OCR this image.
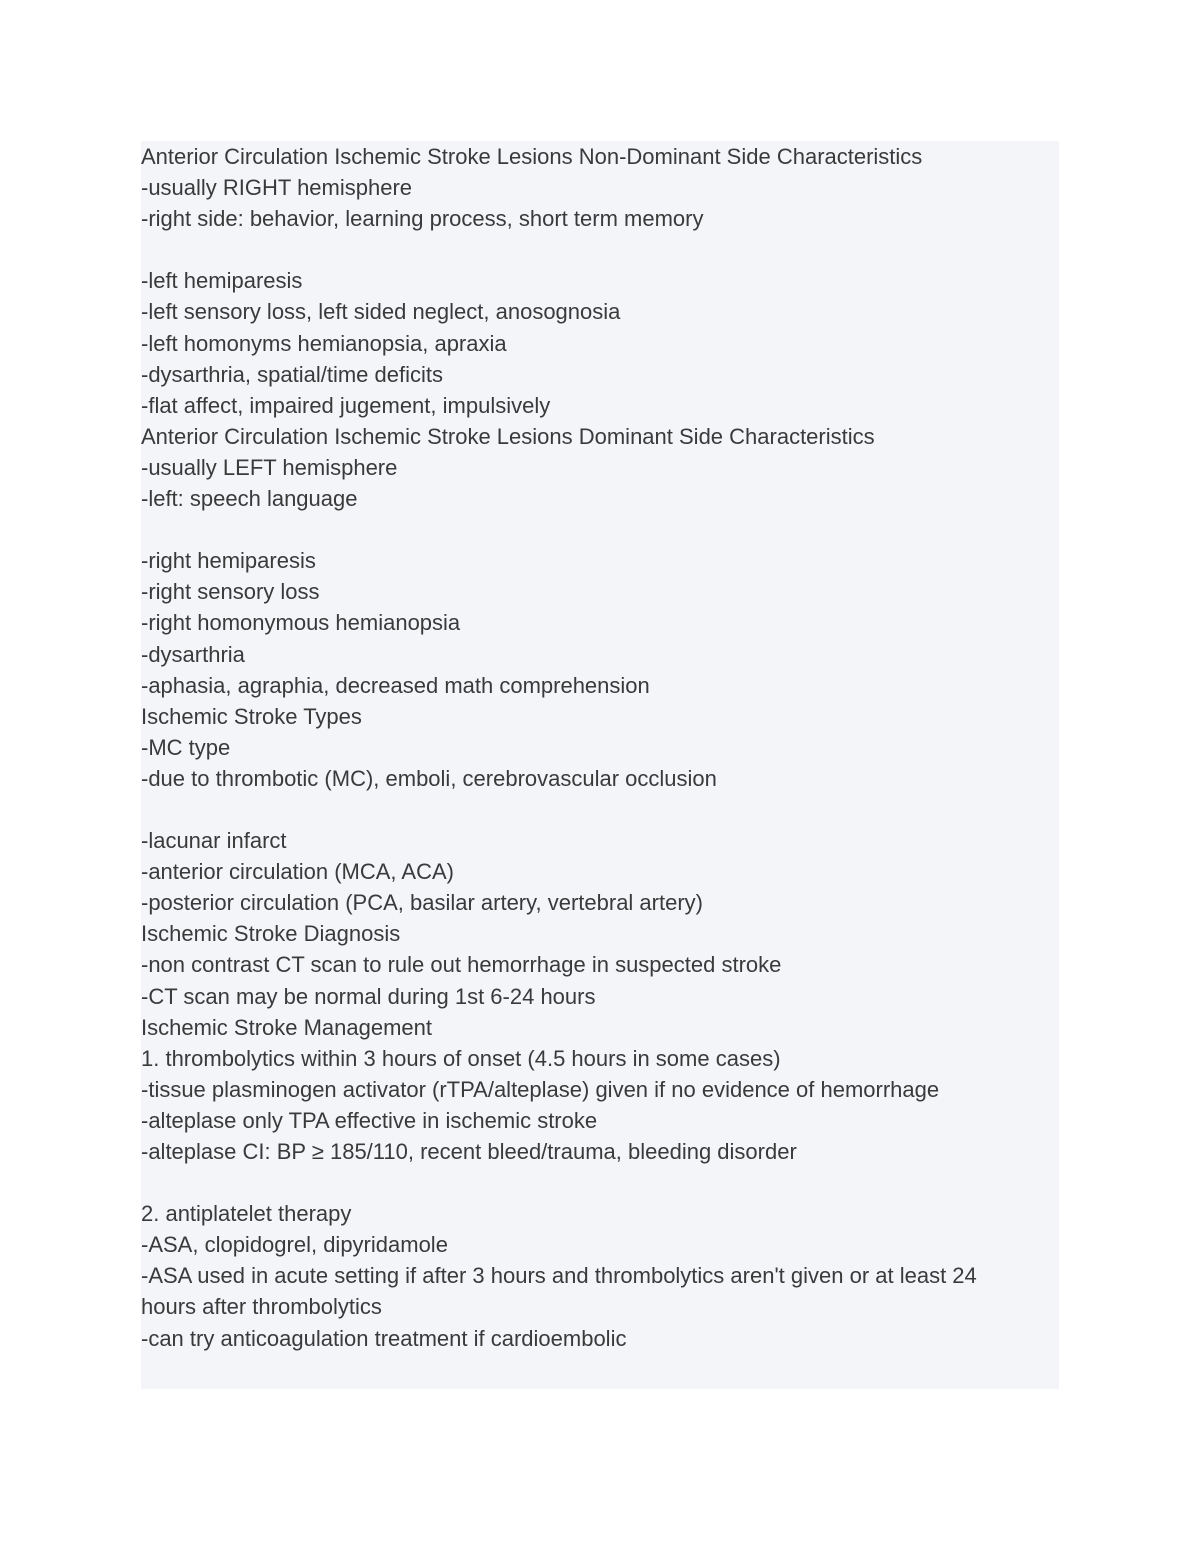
Anterior Circulation Ischemic Stroke Lesions Non-Dominant Side Characteristics
-usually RIGHT hemisphere
-right side: behavior, learning process, short term memory
-left hemiparesis
-left sensory loss, left sided neglect, anosognosia
-left homonyms hemianopsia, apraxia
-dysarthria, spatial/time deficits
-flat affect, impaired jugement, impulsively
Anterior Circulation Ischemic Stroke Lesions Dominant Side Characteristics
-usually LEFT hemisphere
-left: speech language
-right hemiparesis
-right sensory loss
-right homonymous hemianopsia
-dysarthria
-aphasia, agraphia, decreased math comprehension
Ischemic Stroke Types
-MC type
-due to thrombotic (MC), emboli, cerebrovascular occlusion
-lacunar infarct
-anterior circulation (MCA, ACA)
-posterior circulation (PCA, basilar artery, vertebral artery)
Ischemic Stroke Diagnosis
-non contrast CT scan to rule out hemorrhage in suspected stroke
-CT scan may be normal during 1st 6-24 hours
Ischemic Stroke Management
1. thrombolytics within 3 hours of onset (4.5 hours in some cases)
-tissue plasminogen activator (rTPA/alteplase) given if no evidence of hemorrhage
-alteplase only TPA effective in ischemic stroke
-alteplase CI: BP ≥ 185/110, recent bleed/trauma, bleeding disorder
2. antiplatelet therapy
-ASA, clopidogrel, dipyridamole
-ASA used in acute setting if after 3 hours and thrombolytics aren't given or at least 24
hours after thrombolytics
-can try anticoagulation treatment if cardioembolic
